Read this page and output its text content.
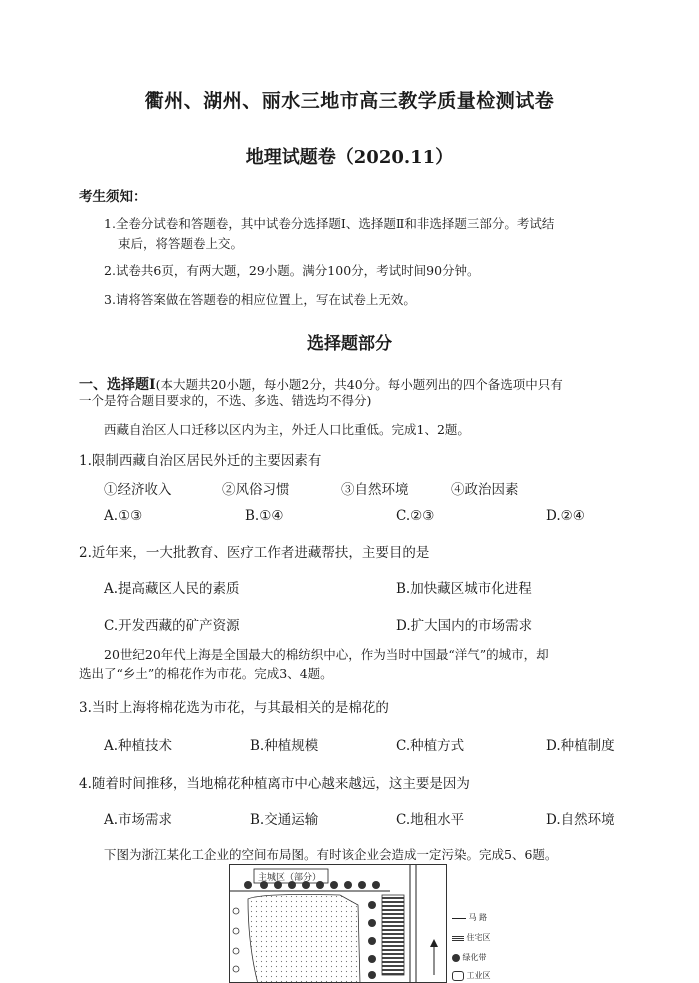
衢州、湖州、丽水三地市高三教学质量检测试卷
地理试题卷（2020.11）
考生须知：
1.全卷分试卷和答题卷，其中试卷分选择题Ⅰ、选择题Ⅱ和非选择题三部分。考试结
束后，将答题卷上交。
2.试卷共6页，有两大题，29小题。满分100分，考试时间90分钟。
3.请将答案做在答题卷的相应位置上，写在试卷上无效。
选择题部分
一、选择题Ⅰ(本大题共20小题，每小题2分，共40分。每小题列出的四个备选项中只有
一个是符合题目要求的，不选、多选、错选均不得分)
西藏自治区人口迁移以区内为主，外迁人口比重低。完成1、2题。
1.限制西藏自治区居民外迁的主要因素有
①经济收入	②风俗习惯	③自然环境	④政治因素
A.①③	B.①④	C.②③	D.②④
2.近年来，一大批教育、医疗工作者进藏帮扶，主要目的是
A.提高藏区人民的素质	B.加快藏区城市化进程
C.开发西藏的矿产资源	D.扩大国内的市场需求
20世纪20年代上海是全国最大的棉纺织中心，作为当时中国最“洋气”的城市，却
选出了“乡土”的棉花作为市花。完成3、4题。
3.当时上海将棉花选为市花，与其最相关的是棉花的
A.种植技术	B.种植规模	C.种植方式	D.种植制度
4.随着时间推移，当地棉花种植离市中心越来越远，这主要是因为
A.市场需求	B.交通运输	C.地租水平	D.自然环境
下图为浙江某化工企业的空间布局图。有时该企业会造成一定污染。完成5、6题。
主城区（部分）
马 路
住宅区
绿化带
工业区
